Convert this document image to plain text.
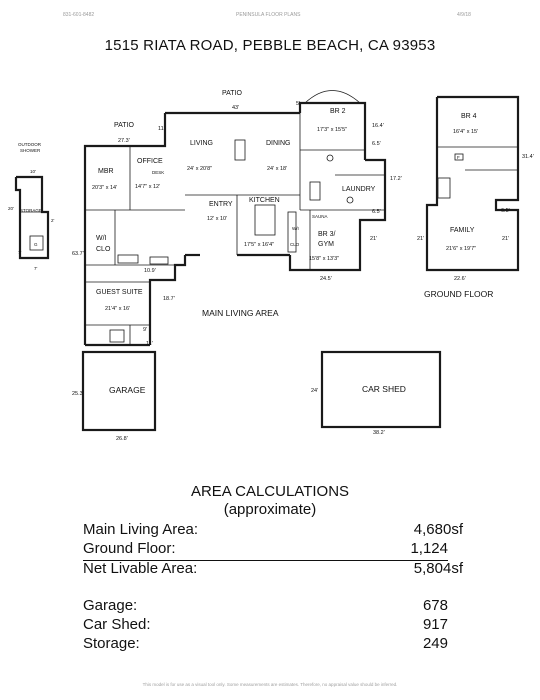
831-601-8482	PENINSULA FLOOR PLANS	4/9/18
1515 RIATA ROAD, PEBBLE BEACH, CA 93953
OUTDOOR
SHOWER
STORAGE
G
10'
20'
2'
7'
7'
PATIO
PATIO
27.3'
43'
5'
11'
MBR
20'3" x 14'
OFFICE
14'7" x 12'
DESK
LIVING
24' x 20'8"
DINING
24' x 18'
BR 2
17'3" x 15'5"
16.4'
6.5'
17.2'
LAUNDRY
6.5'
KITCHEN
17'5" x 16'4"
ENTRY
12' x 10'	SAUNA
BR 3/
GYM
15'8" x 13'3"
W/I
CLO
21'
24.5'
W/I
CLO
63.7'
10.9'
GUEST SUITE
21'4" x 16'
18.7'
9'
11'
MAIN LIVING AREA
GARAGE
26.8'
25.3'	CAR SHED
38.2'
24'
BR 4
16'4" x 15'
31.4'
6.5'
FAMILY
21'6" x 19'7"
21'	21'
22.6'
GROUND FLOOR
F
AREA CALCULATIONS
(approximate)
Main Living Area:	4,680sf
Ground Floor:	1,124
Net Livable Area:	5,804sf
Garage:	678
Car Shed:	917
Storage:	249
This model is for use as a visual tool only. Some measurements are estimates. Therefore, no appraisal value should be inferred.
